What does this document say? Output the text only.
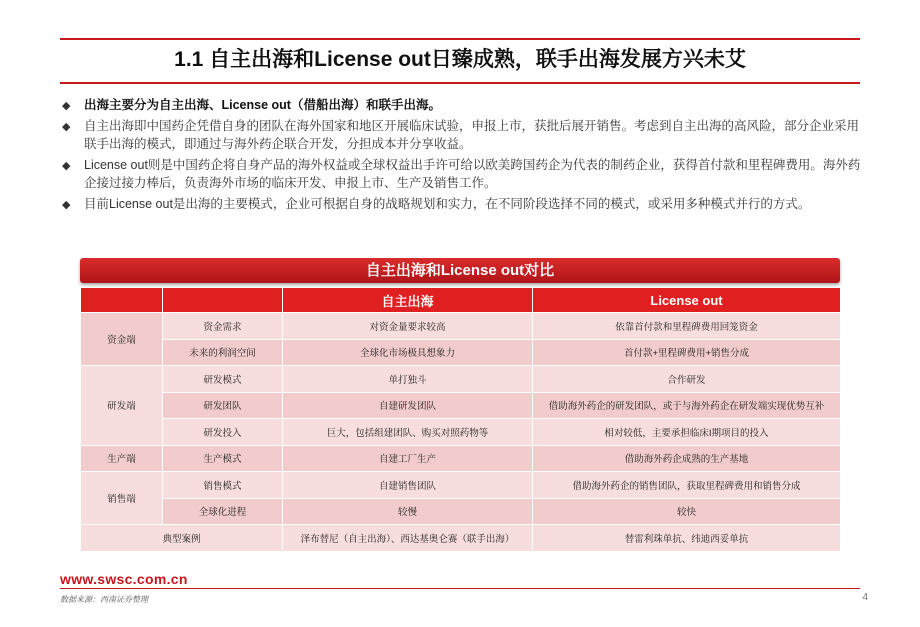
1.1 自主出海和License out日臻成熟，联手出海发展方兴未艾
◆ 出海主要分为自主出海、License out（借船出海）和联手出海。
◆ 自主出海即中国药企凭借自身的团队在海外国家和地区开展临床试验，申报上市，获批后展开销售。考虑到自主出海的高风险，部分企业采用联手出海的模式，即通过与海外药企联合开发，分担成本并分享收益。
◆ License out则是中国药企将自身产品的海外权益或全球权益出手许可给以欧美跨国药企为代表的制药企业，获得首付款和里程碑费用。海外药企接过接力棒后，负责海外市场的临床开发、申报上市、生产及销售工作。
◆ 目前License out是出海的主要模式，企业可根据自身的战略规划和实力，在不同阶段选择不同的模式，或采用多种模式并行的方式。
自主出海和License out对比
		自主出海	License out
资金端	资金需求	对资金量要求较高	依靠首付款和里程碑费用回笼资金
	未来的利润空间	全球化市场极具想象力	首付款+里程碑费用+销售分成
研发端	研发模式	单打独斗	合作研发
	研发团队	自建研发团队	借助海外药企的研发团队，或于与海外药企在研发端实现优势互补
	研发投入	巨大，包括组建团队、购买对照药物等	相对较低，主要承担临床I期项目的投入
生产端	生产模式	自建工厂生产	借助海外药企成熟的生产基地
销售端	销售模式	自建销售团队	借助海外药企的销售团队，获取里程碑费用和销售分成
	全球化进程	较慢	较快
典型案例		泽布替尼（自主出海）、西达基奥仑赛（联手出海）	替雷利珠单抗、纬迪西妥单抗
www.swsc.com.cn
数据来源：西南证券整理	4
